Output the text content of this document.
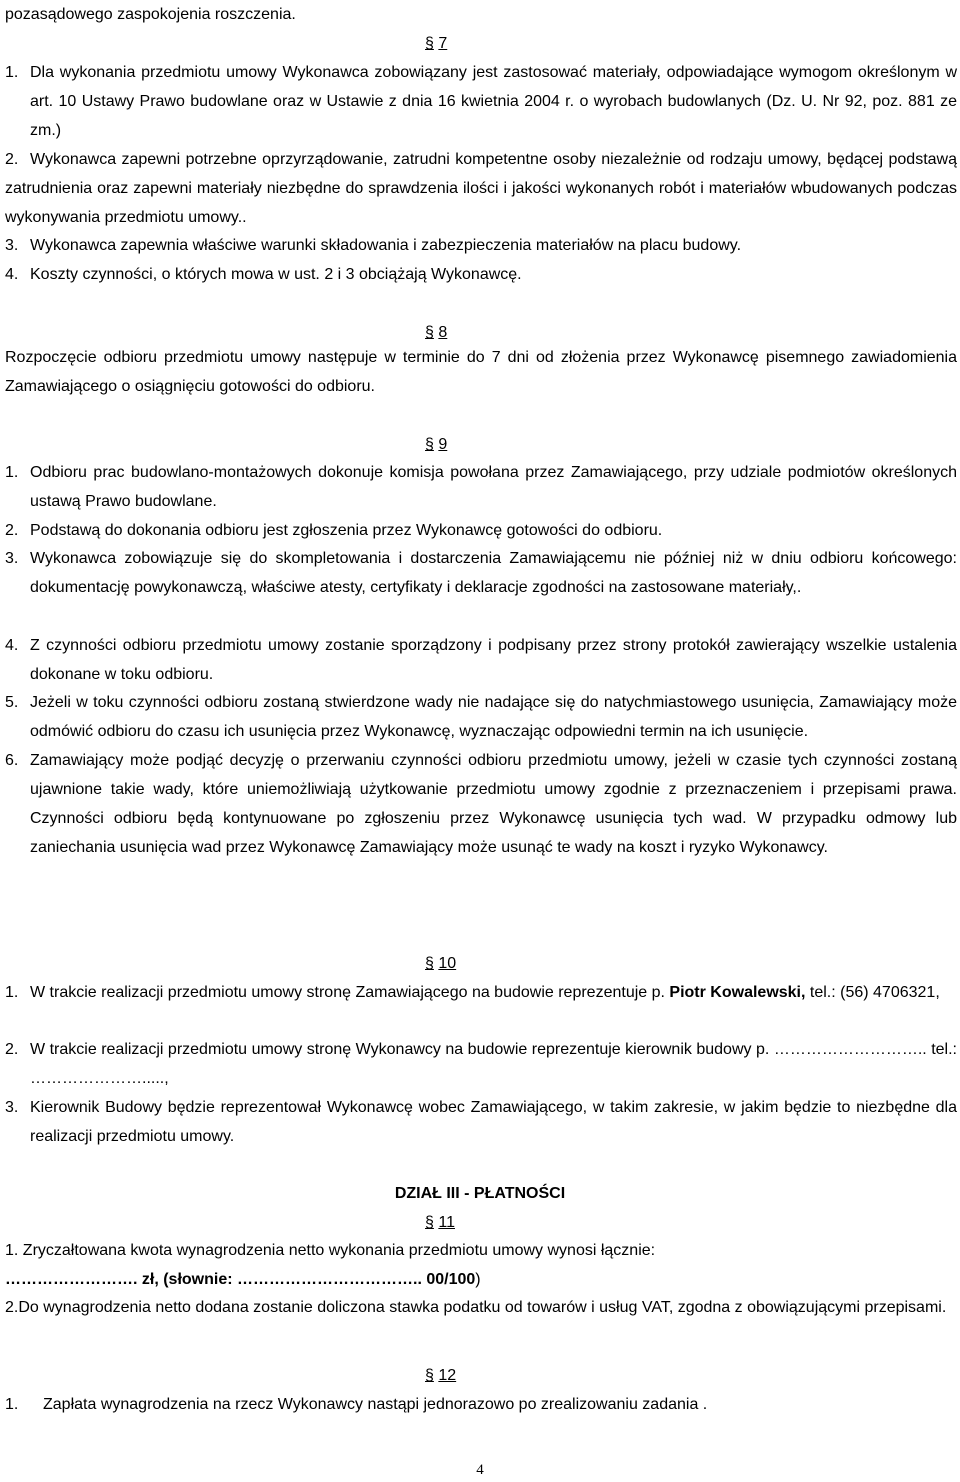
pozasądowego zaspokojenia roszczenia.

§ 7

1. Dla wykonania przedmiotu umowy Wykonawca zobowiązany jest zastosować materiały, odpowiadające wymogom określonym w art. 10 Ustawy Prawo budowlane oraz w Ustawie z dnia 16 kwietnia 2004 r. o wyrobach budowlanych (Dz. U. Nr 92, poz. 881 ze zm.)
2. Wykonawca zapewni potrzebne oprzyrządowanie, zatrudni kompetentne osoby niezależnie od rodzaju umowy, będącej podstawą zatrudnienia oraz zapewni materiały niezbędne do sprawdzenia ilości i jakości wykonanych robót i materiałów wbudowanych podczas wykonywania przedmiotu umowy..
3. Wykonawca zapewnia właściwe warunki składowania i zabezpieczenia materiałów na placu budowy.
4. Koszty czynności, o których mowa w ust. 2 i 3 obciążają Wykonawcę.

§ 8

Rozpoczęcie odbioru przedmiotu umowy następuje w terminie do 7 dni od złożenia przez Wykonawcę pisemnego zawiadomienia Zamawiającego o osiągnięciu gotowości do odbioru.

§ 9

1. Odbioru prac budowlano-montażowych dokonuje komisja powołana przez Zamawiającego, przy udziale podmiotów określonych ustawą Prawo budowlane.
2. Podstawą do dokonania odbioru jest zgłoszenia przez Wykonawcę gotowości do odbioru.
3. Wykonawca zobowiązuje się do skompletowania i dostarczenia Zamawiającemu nie później niż w dniu odbioru końcowego: dokumentację powykonawczą, właściwe atesty, certyfikaty i deklaracje zgodności na zastosowane materiały,.
4. Z czynności odbioru przedmiotu umowy zostanie sporządzony i podpisany przez strony protokół zawierający wszelkie ustalenia dokonane w toku odbioru.
5. Jeżeli w toku czynności odbioru zostaną stwierdzone wady nie nadające się do natychmiastowego usunięcia, Zamawiający może odmówić odbioru do czasu ich usunięcia przez Wykonawcę, wyznaczając odpowiedni termin na ich usunięcie.
6. Zamawiający może podjąć decyzję o przerwaniu czynności odbioru przedmiotu umowy, jeżeli w czasie tych czynności zostaną ujawnione takie wady, które uniemożliwiają użytkowanie przedmiotu umowy zgodnie z przeznaczeniem i przepisami prawa. Czynności odbioru będą kontynuowane po zgłoszeniu przez Wykonawcę usunięcia tych wad. W przypadku odmowy lub zaniechania usunięcia wad przez Wykonawcę Zamawiający może usunąć te wady na koszt i ryzyko Wykonawcy.

§ 10

1. W trakcie realizacji przedmiotu umowy stronę Zamawiającego na budowie reprezentuje p. Piotr Kowalewski, tel.: (56) 4706321,
2. W trakcie realizacji przedmiotu umowy stronę Wykonawcy na budowie reprezentuje kierownik budowy p. ……………………….. tel.: ………………….....,
3. Kierownik Budowy będzie reprezentował Wykonawcę wobec Zamawiającego, w takim zakresie, w jakim będzie to niezbędne dla realizacji przedmiotu umowy.

DZIAŁ III - PŁATNOŚCI

§ 11

1. Zryczałtowana kwota wynagrodzenia netto wykonania przedmiotu umowy wynosi łącznie:

……………………. zł, (słownie: …………………………….. 00/100)

2.Do wynagrodzenia netto dodana zostanie doliczona stawka podatku od towarów i usług VAT, zgodna z obowiązującymi przepisami.

§ 12

1. Zapłata wynagrodzenia na rzecz Wykonawcy nastąpi jednorazowo po zrealizowaniu zadania .
4
